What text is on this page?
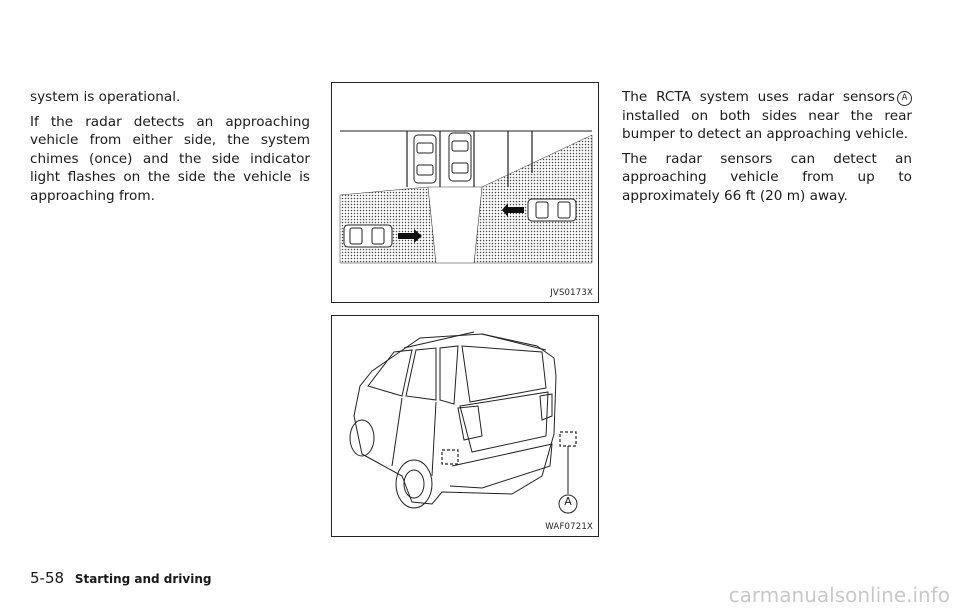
system is operational.

If the radar detects an approaching vehicle from either side, the system chimes (once) and the side indicator light flashes on the side the vehicle is approaching from.

JVS0173X
A
WAF0721X

The RCTA system uses radar sensors A installed on both sides near the rear bumper to detect an approaching vehicle.

The radar sensors can detect an approaching vehicle from up to approximately 66 ft (20 m) away.

5-58 Starting and driving
carmanualsonline.info
